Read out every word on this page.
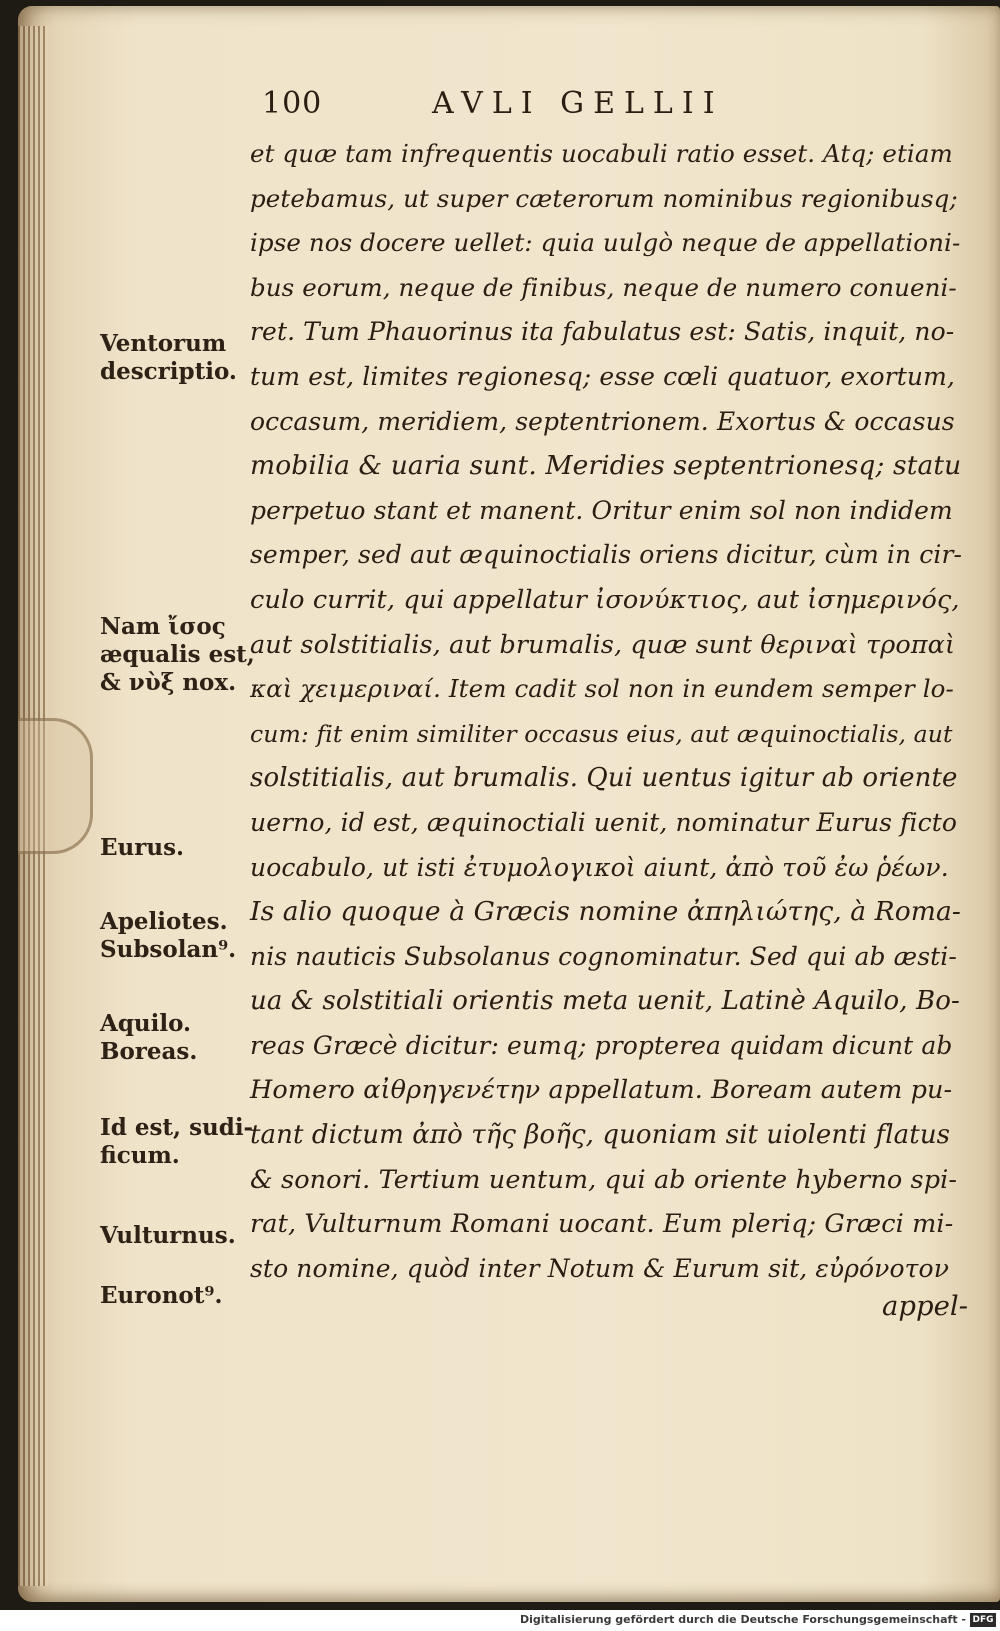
100	AVLI GELLII
et quæ tam infrequentis uocabuli ratio esset. Atq; etiam
petebamus, ut super cæterorum nominibus regionibusq;
ipse nos docere uellet: quia uulgò neque de appellationi-
bus eorum, neque de finibus, neque de numero conueni-
ret. Tum Phauorinus ita fabulatus est: Satis, inquit, no-
tum est, limites regionesq; esse cœli quatuor, exortum,
occasum, meridiem, septentrionem. Exortus & occasus
mobilia & uaria sunt. Meridies septentrionesq; statu
perpetuo stant et manent. Oritur enim sol non indidem
semper, sed aut æquinoctialis oriens dicitur, cùm in cir-
culo currit, qui appellatur ἰσονύκτιος, aut ἰσημερινός,
aut solstitialis, aut brumalis, quæ sunt θεριναὶ τροπαὶ
καὶ χειμεριναί. Item cadit sol non in eundem semper lo-
cum: fit enim similiter occasus eius, aut æquinoctialis, aut
solstitialis, aut brumalis. Qui uentus igitur ab oriente
uerno, id est, æquinoctiali uenit, nominatur Eurus ficto
uocabulo, ut isti ἐτυμολογικοὶ aiunt, ἀπὸ τοῦ ἐω ῥέων.
Is alio quoque à Græcis nomine ἀπηλιώτης, à Roma-
nis nauticis Subsolanus cognominatur. Sed qui ab æsti-
ua & solstitiali orientis meta uenit, Latinè Aquilo, Bo-
reas Græcè dicitur: eumq; propterea quidam dicunt ab
Homero αἰθρηγενέτην appellatum. Boream autem pu-
tant dictum ἀπὸ τῆς βοῆς, quoniam sit uiolenti flatus
& sonori. Tertium uentum, qui ab oriente hyberno spi-
rat, Vulturnum Romani uocant. Eum pleriq; Græci mi-
sto nomine, quòd inter Notum & Eurum sit, εὐρόνοτον
appel-
Ventorum
descriptio.
Nam ἴσος
æqualis est,
& νὺξ nox.
Eurus.
Apeliotes.
Subsolan⁹.
Aquilo.
Boreas.
Id est, sudi-
ficum.
Vulturnus.
Euronot⁹.
Digitalisierung gefördert durch die Deutsche Forschungsgemeinschaft - DFG
